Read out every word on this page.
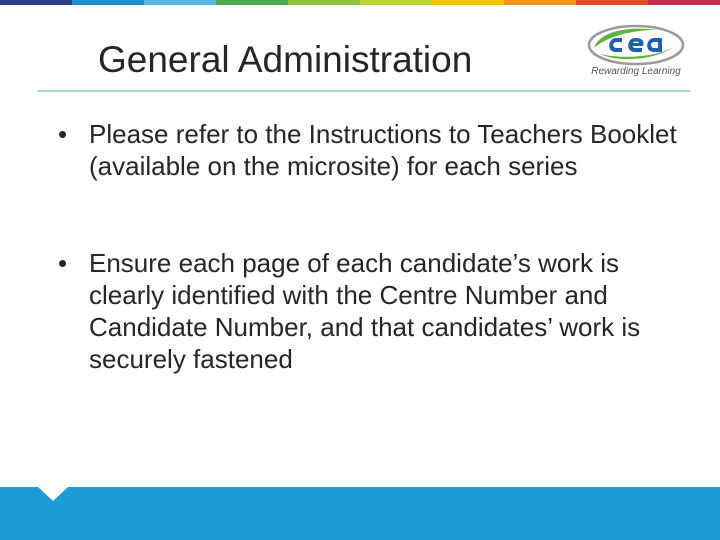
General Administration	Rewarding Learning
• Please refer to the Instructions to Teachers Booklet (available on the microsite) for each series
• Ensure each page of each candidate’s work is clearly identified with the Centre Number and Candidate Number, and that candidates’ work is securely fastened
